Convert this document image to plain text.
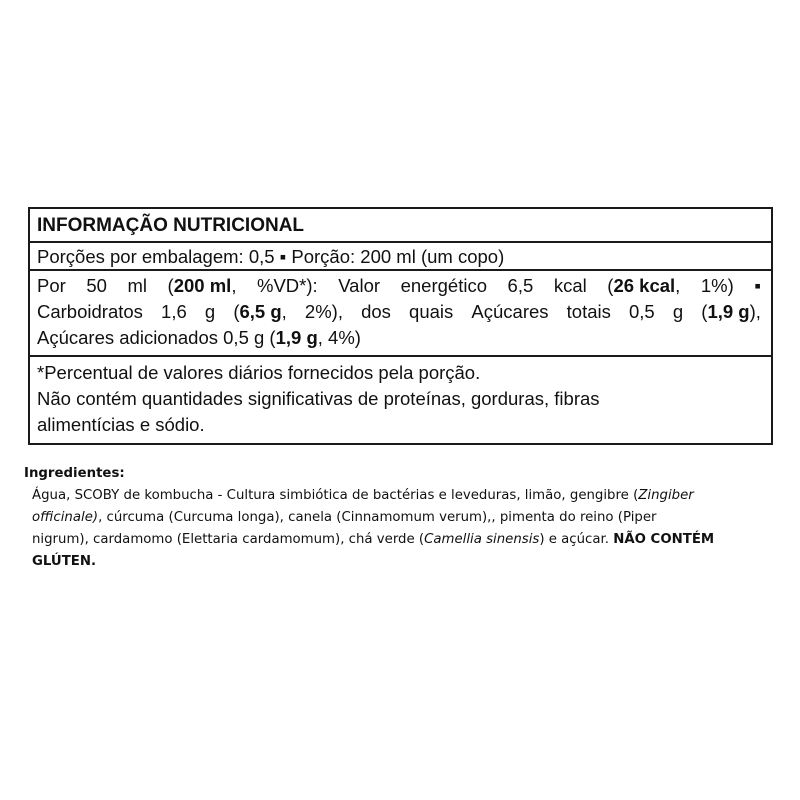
INFORMAÇÃO NUTRICIONAL
Porções por embalagem: 0,5 ▪ Porção: 200 ml (um copo)
Por 50 ml (200 ml, %VD*): Valor energético 6,5 kcal (26 kcal, 1%) ▪
Carboidratos 1,6 g (6,5 g, 2%), dos quais Açúcares totais 0,5 g (1,9 g),
Açúcares adicionados 0,5 g (1,9 g, 4%)
*Percentual de valores diários fornecidos pela porção.
Não contém quantidades significativas de proteínas, gorduras, fibras
alimentícias e sódio.
Ingredientes:
Água, SCOBY de kombucha - Cultura simbiótica de bactérias e leveduras, limão, gengibre (Zingiber
officinale), cúrcuma (Curcuma longa), canela (Cinnamomum verum),, pimenta do reino (Piper
nigrum), cardamomo (Elettaria cardamomum), chá verde (Camellia sinensis) e açúcar. NÃO CONTÉM
GLÚTEN.
